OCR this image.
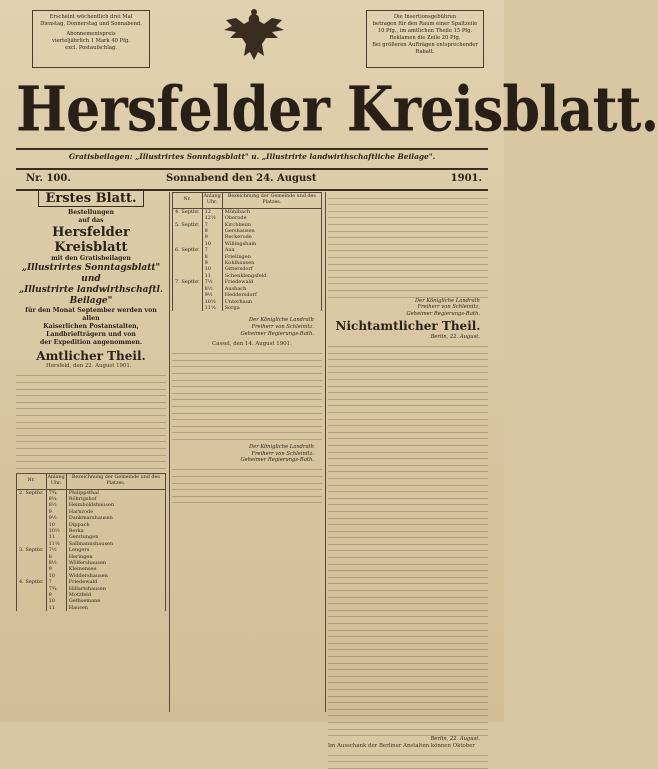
Erscheint wöchentlich drei Mal

Dienstag, Donnerstag und Sonnabend.

Abonnementspreis

vierteljährlich 1 Mark 40 Pfg.

excl. Postaufschlag.

Die Insertionsgebühren

betragen für den Raum einer Spaltzeile

10 Pfg., im amtlichen Theile 15 Pfg.

Reklamen die Zeile 20 Pfg.

Bei größeren Aufträgen entsprechender

Rabatt.

Hersfelder Kreisblatt.
Gratisbeilagen: „Illustrirtes Sonntagsblatt" u. „Illustrirte landwirthschaftliche Beilage".
Nr. 100.	Sonnabend den 24. August	1901.
Erstes Blatt.
Bestellungen
auf das
Hersfelder Kreisblatt
mit den Gratisbeilagen
„Illustrirtes Sonntagsblatt" und
„Illustrirte landwirthschaftl. Beilage"
für den Monat September werden von allen
Kaiserlichen Postanstalten, Landbriefträgern und von
der Expedition angenommen.
Amtlicher Theil.
Hersfeld, den 22. August 1901.
Nr.	Anlang Uhr.	Bezeichnung der Gemeinde und des Platzes.
2. Septbr.	7¾	Philippsthal
	8¼	Röhrigshof
	8½	Heimboldshausen
	9	Harnrode
	9½	Dankmarshausen
	10	Dippach
	10½	Berka
	11	Gerstungen
	11½	Sallmannshausen
3. Septbr.	7½	Lengers
	8	Heringen
	8½	Wölfershausen
	9	Kleinensee
	10	Widdershausen
4. Septbr.	7	Friedewald
	7¾	Hillartshausen
	9	Motzfeld
	10	Gethsemane
	11	Hausen
Nr.	Anlang Uhr.	Bezeichnung der Gemeinde und des Platzes.
4. Septbr.	12	Mühlbach
	12½	Oberode
5. Septbr.	7	Kirchheim
	8	Gershausen
	9	Reckerode
	10	Willingshain
6. Septbr.	7	Aua
	8	Frielingen
	9	Kohlhausen
	10	Gittersdorf
	11	Schenklengsfeld
7. Septbr.	7½	Friedewald
	8½	Ausbach
	9½	Heddersdorf
	10½	Unterhaun
	11½	Sorga
Der Königliche Landrath
Freiherr von Schleinitz.
Geheimer Regierungs-Rath.
Cassel, den 14. August 1901.
Der Königliche Landrath
Freiherr von Schleinitz.
Geheimer Regierungs-Rath.
Der Königliche Landrath
Freiherr von Schleinitz,
Geheimer Regierungs-Rath.
Nichtamtlicher Theil.
Berlin, 22. August.
Berlin, 22. August.
Im Ausschank der Berliner Anstalten können Oktober
